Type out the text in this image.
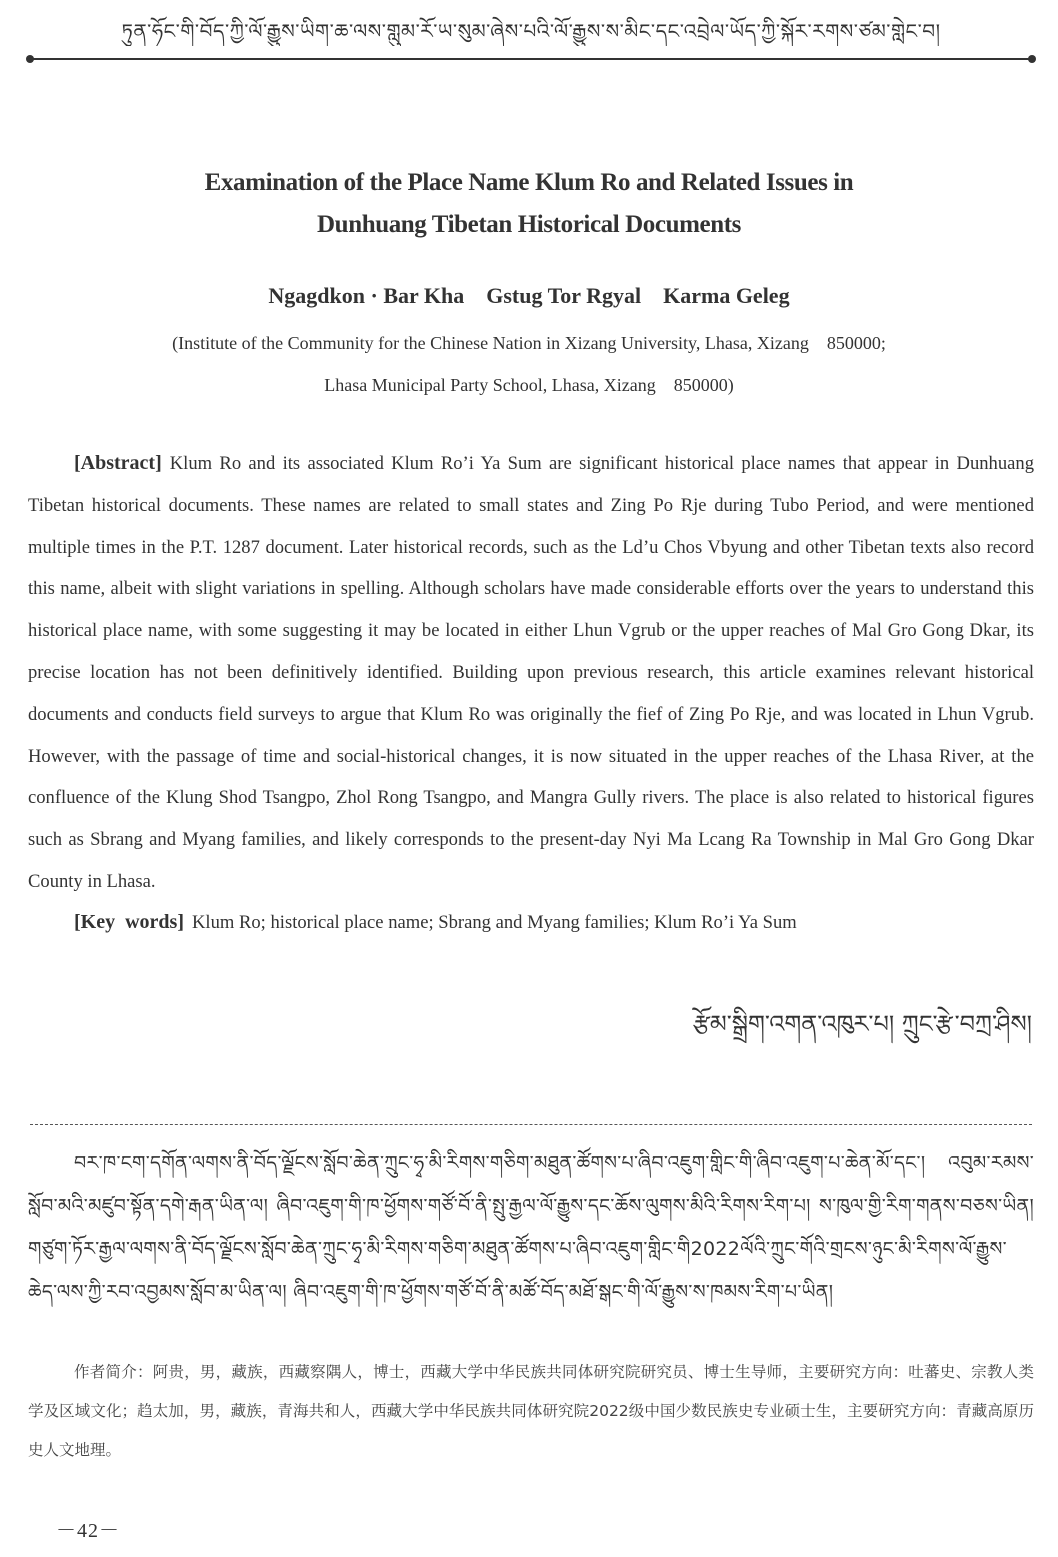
ཏུན་ཧོང་གི་བོད་ཀྱི་ལོ་རྒྱུས་ཡིག་ཆ་ལས་གླུམ་རོ་ཡ་སུམ་ཞེས་པའི་ལོ་རྒྱུས་ས་མིང་དང་འབྲེལ་ཡོད་ཀྱི་སྐོར་རགས་ཙམ་གླེང་བ།
Examination of the Place Name Klum Ro and Related Issues in
Dunhuang Tibetan Historical Documents
Ngagdkon · Bar Kha Gstug Tor Rgyal Karma Geleg
(Institute of the Community for the Chinese Nation in Xizang University, Lhasa, Xizang    850000;
Lhasa Municipal Party School, Lhasa, Xizang    850000)

[Abstract] Klum Ro and its associated Klum Ro’i Ya Sum are significant historical place names that appear in Dunhuang Tibetan historical documents. These names are related to small states and Zing Po Rje during Tubo Period, and were mentioned multiple times in the P.T. 1287 document. Later historical records, such as the Ld’u Chos Vbyung and other Tibetan texts also record this name, albeit with slight variations in spelling. Although scholars have made considerable efforts over the years to understand this historical place name, with some suggesting it may be located in either Lhun Vgrub or the upper reaches of Mal Gro Gong Dkar, its precise location has not been definitively identified. Building upon previous research, this article examines relevant historical documents and conducts field surveys to argue that Klum Ro was originally the fief of Zing Po Rje, and was located in Lhun Vgrub. However, with the passage of time and social-historical changes, it is now situated in the upper reaches of the Lhasa River, at the confluence of the Klung Shod Tsangpo, Zhol Rong Tsangpo, and Mangra Gully rivers. The place is also related to historical figures such as Sbrang and Myang families, and likely corresponds to the present-day Nyi Ma Lcang Ra Township in Mal Gro Gong Dkar County in Lhasa.

[Key  words] Klum Ro; historical place name; Sbrang and Myang families; Klum Ro’i Ya Sum

རྩོམ་སྒྲིག་འགན་འཁུར་པ། ཀྲུང་རྩེ་བཀྲ་ཤིས།

བར་ཁ་ངག་དགོན་ལགས་ནི་བོད་ལྗོངས་སློབ་ཆེན་ཀྲུང་ཧྭ་མི་རིགས་གཅིག་མཐུན་ཚོགས་པ་ཞིབ་འཇུག་གླིང་གི་ཞིབ་འཇུག་པ་ཆེན་མོ་དང་། འབུམ་རམས་སློབ་མའི་མཛུབ་སྟོན་དགེ་རྒན་ཡིན་ལ། ཞིབ་འཇུག་གི་ཁ་ཕྱོགས་གཙོ་བོ་ནི་སྤུ་རྒྱལ་ལོ་རྒྱུས་དང་ཆོས་ལུགས་མིའི་རིགས་རིག་པ། ས་ཁུལ་གྱི་རིག་གནས་བཅས་ཡིན། གཙུག་ཏོར་རྒྱལ་ལགས་ནི་བོད་ལྗོངས་སློབ་ཆེན་ཀྲུང་ཧྭ་མི་རིགས་གཅིག་མཐུན་ཚོགས་པ་ཞིབ་འཇུག་གླིང་གི2022ལོའི་ཀྲུང་གོའི་གྲངས་ཉུང་མི་རིགས་ལོ་རྒྱུས་ཆེད་ལས་ཀྱི་རབ་འབྱམས་སློབ་མ་ཡིན་ལ། ཞིབ་འཇུག་གི་ཁ་ཕྱོགས་གཙོ་བོ་ནི་མཚོ་བོད་མཐོ་སྒང་གི་ལོ་རྒྱུས་ས་ཁམས་རིག་པ་ཡིན།

作者简介：阿贵，男，藏族，西藏察隅人，博士，西藏大学中华民族共同体研究院研究员、博士生导师，主要研究方向：吐蕃史、宗教人类学及区域文化；趋太加，男，藏族，青海共和人，西藏大学中华民族共同体研究院2022级中国少数民族史专业硕士生，主要研究方向：青藏高原历史人文地理。

－42－
